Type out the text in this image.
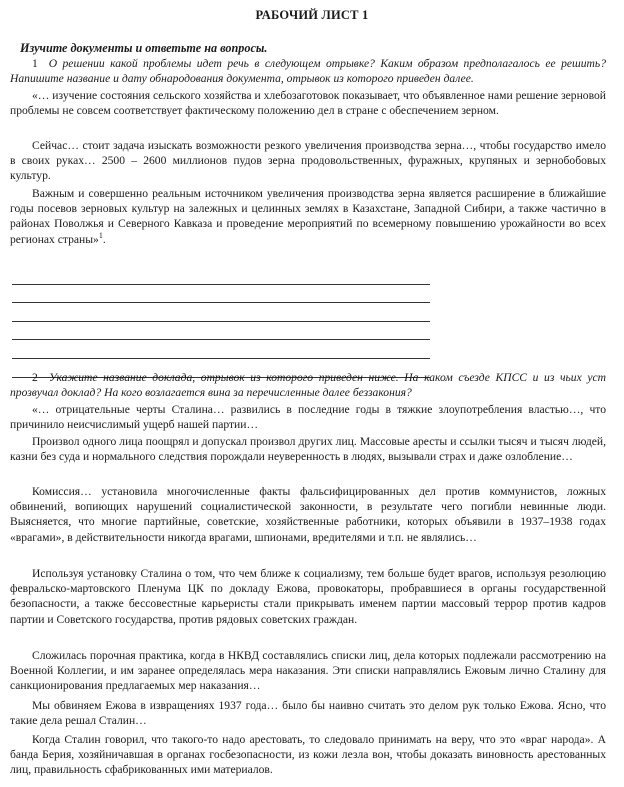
РАБОЧИЙ ЛИСТ 1
Изучите документы и ответьте на вопросы.
1 О решении какой проблемы идет речь в следующем отрывке? Каким образом предполагалось ее решить? Напишите название и дату обнародования документа, отрывок из которого приведен далее.
«… изучение состояния сельского хозяйства и хлебозаготовок показывает, что объявленное нами решение зерновой проблемы не совсем соответствует фактическому положению дел в стране с обеспечением зерном.
Сейчас… стоит задача изыскать возможности резкого увеличения производства зерна…, чтобы государство имело в своих руках… 2500 – 2600 миллионов пудов зерна продовольственных, фуражных, крупяных и зернобобовых культур.
Важным и совершенно реальным источником увеличения производства зерна является расширение в ближайшие годы посевов зерновых культур на залежных и целинных землях в Казахстане, Западной Сибири, а также частично в районах Поволжья и Северного Кавказа и проведение мероприятий по всемерному повышению урожайности во всех регионах страны»$^1$.
2 Укажите название доклада, отрывок из которого приведен ниже. На каком съезде КПСС и из чьих уст прозвучал доклад? На кого возлагается вина за перечисленные далее беззакония?
«… отрицательные черты Сталина… развились в последние годы в тяжкие злоупотребления властью…, что причинило неисчислимый ущерб нашей партии…
Произвол одного лица поощрял и допускал произвол других лиц. Массовые аресты и ссылки тысяч и тысяч людей, казни без суда и нормального следствия порождали неуверенность в людях, вызывали страх и даже озлобление…
Комиссия… установила многочисленные факты фальсифицированных дел против коммунистов, ложных обвинений, вопиющих нарушений социалистической законности, в результате чего погибли невинные люди. Выясняется, что многие партийные, советские, хозяйственные работники, которых объявили в 1937–1938 годах «врагами», в действительности никогда врагами, шпионами, вредителями и т.п. не являлись…
Используя установку Сталина о том, что чем ближе к социализму, тем больше будет врагов, используя резолюцию февральско-мартовского Пленума ЦК по докладу Ежова, провокаторы, пробравшиеся в органы государственной безопасности, а также бессовестные карьеристы стали прикрывать именем партии массовый террор против кадров партии и Советского государства, против рядовых советских граждан.
Сложилась порочная практика, когда в НКВД составлялись списки лиц, дела которых подлежали рассмотрению на Военной Коллегии, и им заранее определялась мера наказания. Эти списки направлялись Ежовым лично Сталину для санкционирования предлагаемых мер наказания…
Мы обвиняем Ежова в извращениях 1937 года… было бы наивно считать это делом рук только Ежова. Ясно, что такие дела решал Сталин…
Когда Сталин говорил, что такого-то надо арестовать, то следовало принимать на веру, что это «враг народа». А банда Берия, хозяйничавшая в органах госбезопасности, из кожи лезла вон, чтобы доказать виновность арестованных лиц, правильность сфабрикованных ими материалов.
